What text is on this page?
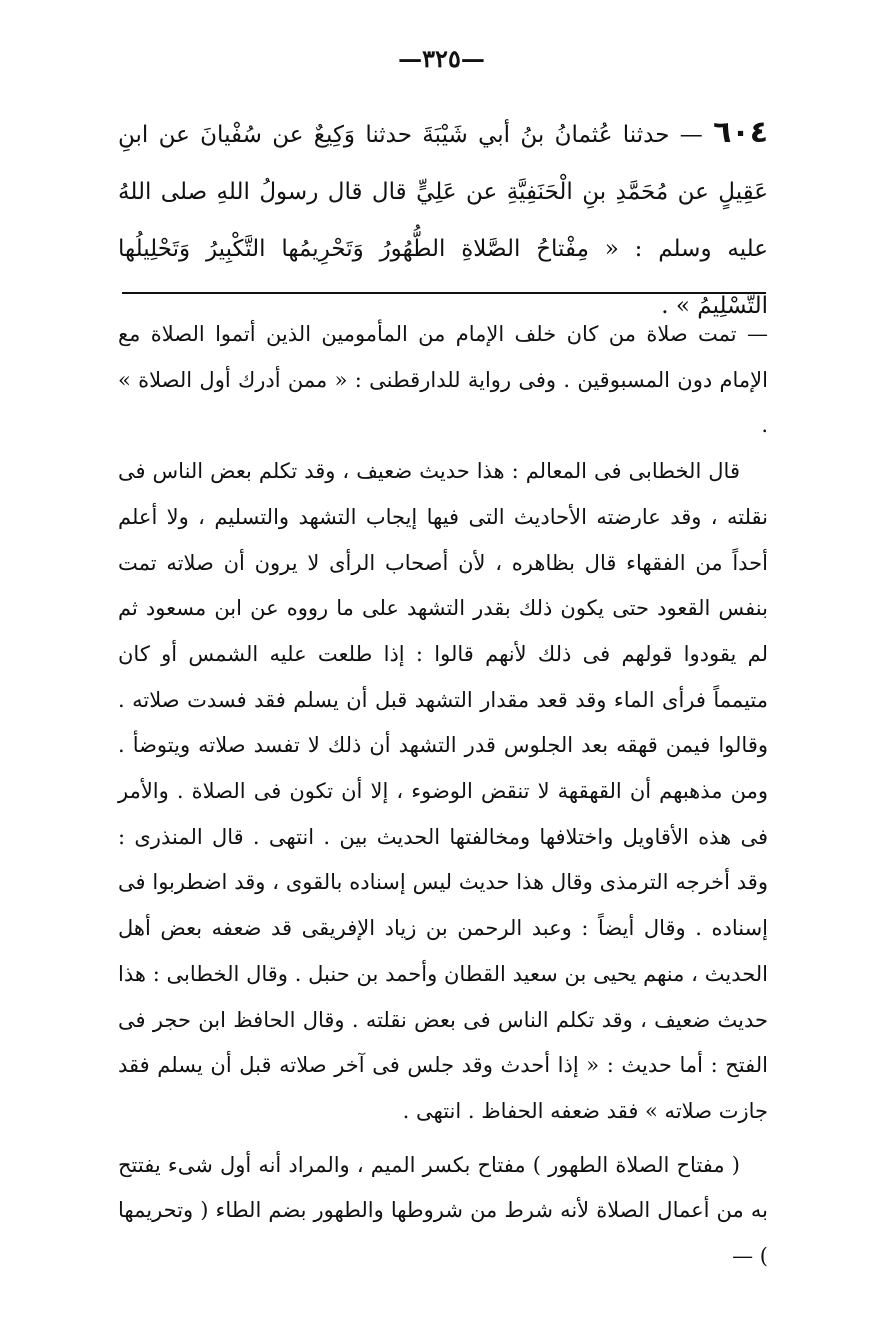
—٣٢٥—
٦٠٤ — حدثنا عُثمانُ بنُ أبي شَيْبَةَ حدثنا وَكِيعٌ عن سُفْيانَ عن ابنِ عَقِيلٍ عن مُحَمَّدِ بنِ الْحَنَفِيَّةِ عن عَلِيٍّ قال قال رسولُ اللهِ صلى اللهُ عليه وسلم : « مِفْتاحُ الصَّلاةِ الطُّهُورُ وَتَحْرِيمُها التَّكْبِيرُ وَتَحْلِيلُها التَّسْلِيمُ » .

— تمت صلاة من كان خلف الإمام من المأمومين الذين أتموا الصلاة مع الإمام دون المسبوقين . وفى رواية للدارقطنى : « ممن أدرك أول الصلاة » .

قال الخطابى فى المعالم : هذا حديث ضعيف ، وقد تكلم بعض الناس فى نقلته ، وقد عارضته الأحاديث التى فيها إيجاب التشهد والتسليم ، ولا أعلم أحداً من الفقهاء قال بظاهره ، لأن أصحاب الرأى لا يرون أن صلاته تمت بنفس القعود حتى يكون ذلك بقدر التشهد على ما رووه عن ابن مسعود ثم لم يقودوا قولهم فى ذلك لأنهم قالوا : إذا طلعت عليه الشمس أو كان متيمماً فرأى الماء وقد قعد مقدار التشهد قبل أن يسلم فقد فسدت صلاته . وقالوا فيمن قهقه بعد الجلوس قدر التشهد أن ذلك لا تفسد صلاته ويتوضأ . ومن مذهبهم أن القهقهة لا تنقض الوضوء ، إلا أن تكون فى الصلاة . والأمر فى هذه الأقاويل واختلافها ومخالفتها الحديث بين . انتهى . قال المنذرى : وقد أخرجه الترمذى وقال هذا حديث ليس إسناده بالقوى ، وقد اضطربوا فى إسناده . وقال أيضاً : وعبد الرحمن بن زياد الإفريقى قد ضعفه بعض أهل الحديث ، منهم يحيى بن سعيد القطان وأحمد بن حنبل . وقال الخطابى : هذا حديث ضعيف ، وقد تكلم الناس فى بعض نقلته . وقال الحافظ ابن حجر فى الفتح : أما حديث : « إذا أحدث وقد جلس فى آخر صلاته قبل أن يسلم فقد جازت صلاته » فقد ضعفه الحفاظ . انتهى .

( مفتاح الصلاة الطهور ) مفتاح بكسر الميم ، والمراد أنه أول شىء يفتتح به من أعمال الصلاة لأنه شرط من شروطها والطهور بضم الطاء ( وتحريمها ) —
